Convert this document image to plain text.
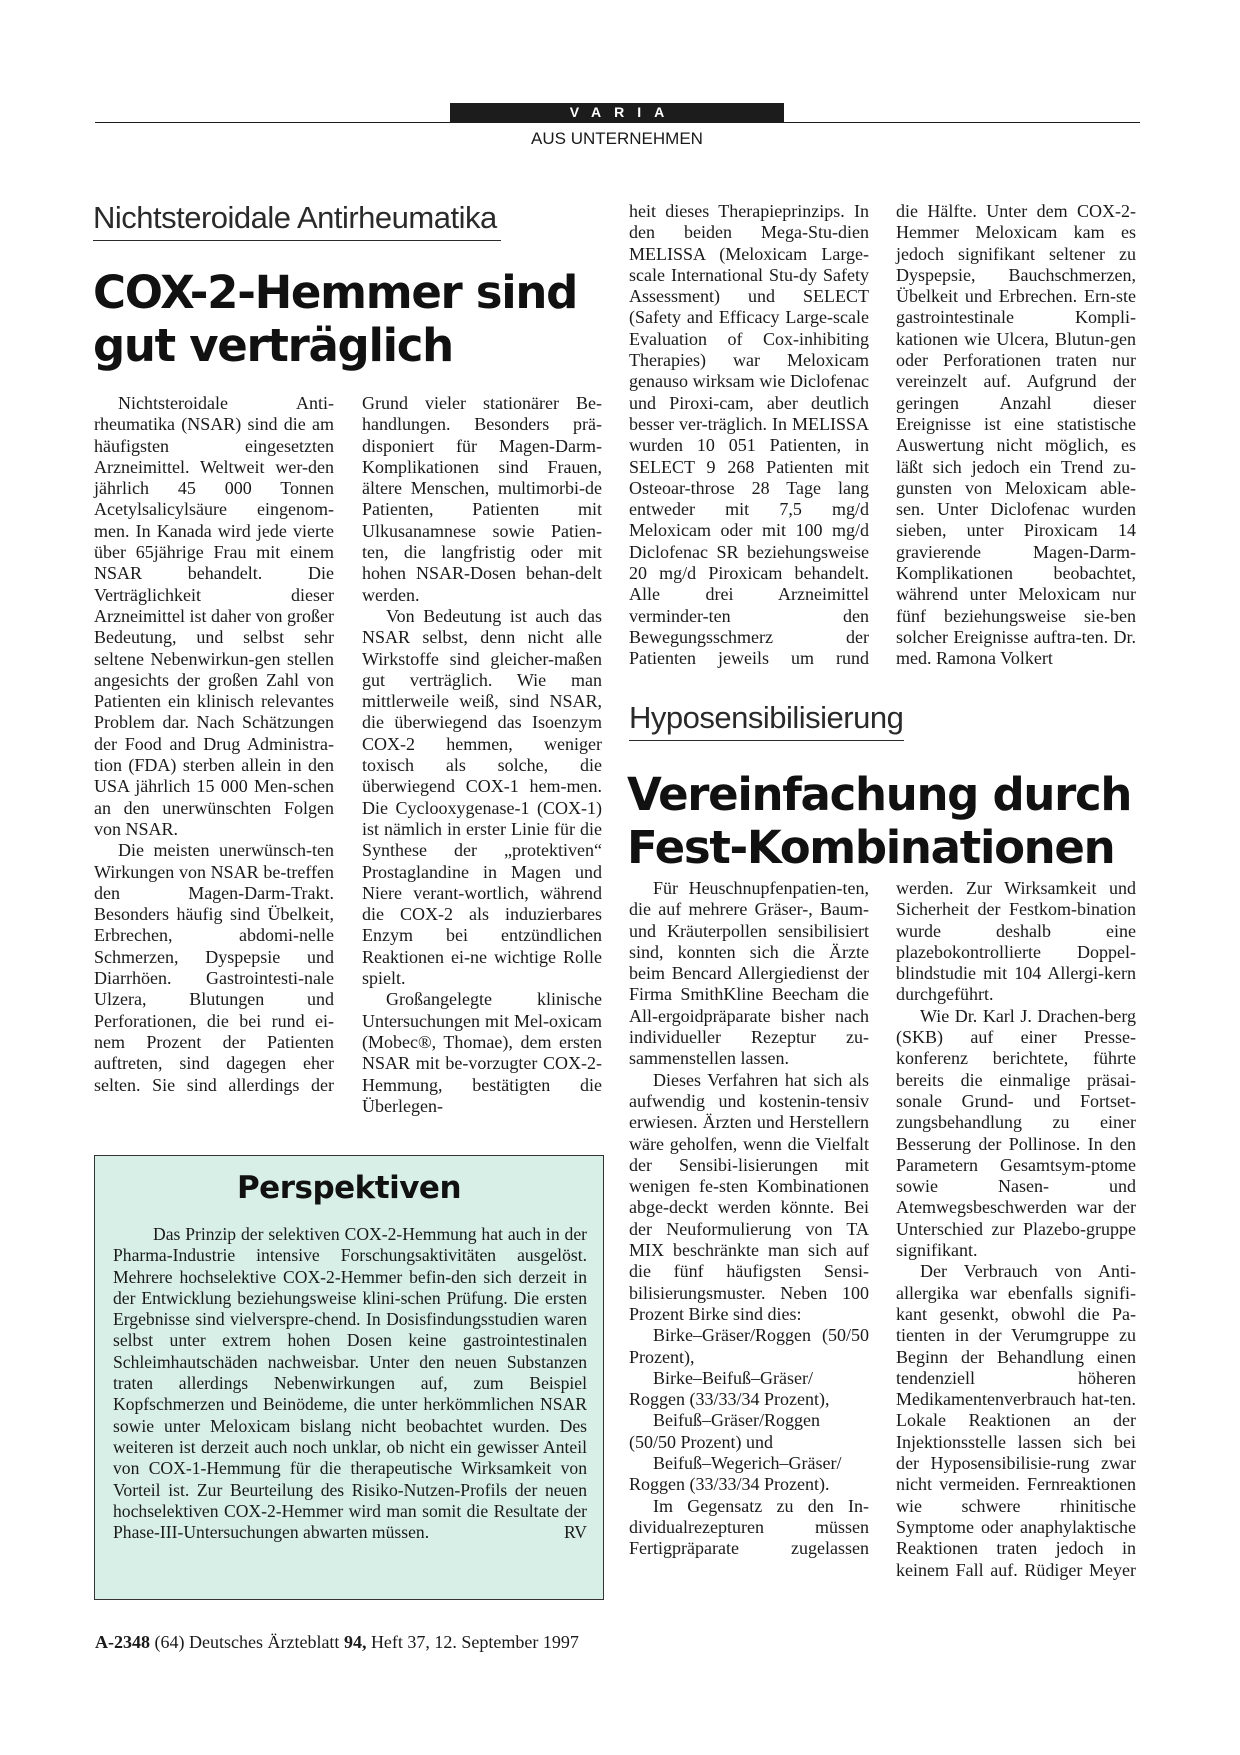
VARIA
AUS UNTERNEHMEN
Nichtsteroidale Antirheumatika
COX-2-Hemmer sind
gut verträglich

Nichtsteroidale Anti-rheumatika (NSAR) sind die am häufigsten eingesetzten Arzneimittel. Weltweit wer-den jährlich 45 000 Tonnen Acetylsalicylsäure eingenom-men. In Kanada wird jede vierte über 65jährige Frau mit einem NSAR behandelt. Die Verträglichkeit dieser Arzneimittel ist daher von großer Bedeutung, und selbst sehr seltene Nebenwirkun-gen stellen angesichts der großen Zahl von Patienten ein klinisch relevantes Problem dar. Nach Schätzungen der Food and Drug Administra-tion (FDA) sterben allein in den USA jährlich 15 000 Men-schen an den unerwünschten Folgen von NSAR.

Die meisten unerwünsch-ten Wirkungen von NSAR be-treffen den Magen-Darm-Trakt. Besonders häufig sind Übelkeit, Erbrechen, abdomi-nelle Schmerzen, Dyspepsie und Diarrhöen. Gastrointesti-nale Ulzera, Blutungen und Perforationen, die bei rund ei-nem Prozent der Patienten auftreten, sind dagegen eher selten. Sie sind allerdings der

Grund vieler stationärer Be-handlungen. Besonders prä-disponiert für Magen-Darm-Komplikationen sind Frauen, ältere Menschen, multimorbi-de Patienten, Patienten mit Ulkusanamnese sowie Patien-ten, die langfristig oder mit hohen NSAR-Dosen behan-delt werden.

Von Bedeutung ist auch das NSAR selbst, denn nicht alle Wirkstoffe sind gleicher-maßen gut verträglich. Wie man mittlerweile weiß, sind NSAR, die überwiegend das Isoenzym COX-2 hemmen, weniger toxisch als solche, die überwiegend COX-1 hem-men. Die Cyclooxygenase-1 (COX-1) ist nämlich in erster Linie für die Synthese der „protektiven“ Prostaglandine in Magen und Niere verant-wortlich, während die COX-2 als induzierbares Enzym bei entzündlichen Reaktionen ei-ne wichtige Rolle spielt.

Großangelegte klinische Untersuchungen mit Mel-oxicam (Mobec®, Thomae), dem ersten NSAR mit be-vorzugter COX-2-Hemmung, bestätigten die Überlegen-

heit dieses Therapieprinzips. In den beiden Mega-Stu-dien MELISSA (Meloxicam Large-scale International Stu-dy Safety Assessment) und SELECT (Safety and Efficacy Large-scale Evaluation of Cox-inhibiting Therapies) war Meloxicam genauso wirksam wie Diclofenac und Piroxi-cam, aber deutlich besser ver-träglich. In MELISSA wurden 10 051 Patienten, in SELECT 9 268 Patienten mit Osteoar-throse 28 Tage lang entweder mit 7,5 mg/d Meloxicam oder mit 100 mg/d Diclofenac SR beziehungsweise 20 mg/d Piroxicam behandelt. Alle drei Arzneimittel verminder-ten den Bewegungsschmerz der Patienten jeweils um rund

die Hälfte. Unter dem COX-2-Hemmer Meloxicam kam es jedoch signifikant seltener zu Dyspepsie, Bauchschmerzen, Übelkeit und Erbrechen. Ern-ste gastrointestinale Kompli-kationen wie Ulcera, Blutun-gen oder Perforationen traten nur vereinzelt auf. Aufgrund der geringen Anzahl dieser Ereignisse ist eine statistische Auswertung nicht möglich, es läßt sich jedoch ein Trend zu-gunsten von Meloxicam able-sen. Unter Diclofenac wurden sieben, unter Piroxicam 14 gravierende Magen-Darm-Komplikationen beobachtet, während unter Meloxicam nur fünf beziehungsweise sie-ben solcher Ereignisse auftra-ten. Dr. med. Ramona Volkert

Perspektiven

Das Prinzip der selektiven COX-2-Hemmung hat auch in der Pharma-Industrie intensive Forschungsaktivitäten ausgelöst. Mehrere hochselektive COX-2-Hemmer befin-den sich derzeit in der Entwicklung beziehungsweise klini-schen Prüfung. Die ersten Ergebnisse sind vielverspre-chend. In Dosisfindungsstudien waren selbst unter extrem hohen Dosen keine gastrointestinalen Schleimhautschäden nachweisbar. Unter den neuen Substanzen traten allerdings Nebenwirkungen auf, zum Beispiel Kopfschmerzen und Beinödeme, die unter herkömmlichen NSAR sowie unter Meloxicam bislang nicht beobachtet wurden. Des weiteren ist derzeit auch noch unklar, ob nicht ein gewisser Anteil von COX-1-Hemmung für die therapeutische Wirksamkeit von Vorteil ist. Zur Beurteilung des Risiko-Nutzen-Profils der neuen hochselektiven COX-2-Hemmer wird man somit die Resultate der Phase-III-Untersuchungen abwarten müssen.	RV
Hyposensibilisierung
Vereinfachung durch
Fest-Kombinationen

Für Heuschnupfenpatien-ten, die auf mehrere Gräser-, Baum- und Kräuterpollen sensibilisiert sind, konnten sich die Ärzte beim Bencard Allergiedienst der Firma SmithKline Beecham die All-ergoidpräparate bisher nach individueller Rezeptur zu-sammenstellen lassen.

Dieses Verfahren hat sich als aufwendig und kostenin-tensiv erwiesen. Ärzten und Herstellern wäre geholfen, wenn die Vielfalt der Sensibi-lisierungen mit wenigen fe-sten Kombinationen abge-deckt werden könnte. Bei der Neuformulierung von TA MIX beschränkte man sich auf die fünf häufigsten Sensi-bilisierungsmuster. Neben 100 Prozent Birke sind dies:

Birke–Gräser/Roggen (50/50 Prozent),

Birke–Beifuß–Gräser/ Roggen (33/33/34 Prozent),

Beifuß–Gräser/Roggen (50/50 Prozent) und

Beifuß–Wegerich–Gräser/ Roggen (33/33/34 Prozent).

Im Gegensatz zu den In-dividualrezepturen müssen Fertigpräparate zugelassen

werden. Zur Wirksamkeit und Sicherheit der Festkom-bination wurde deshalb eine plazebokontrollierte Doppel-blindstudie mit 104 Allergi-kern durchgeführt.

Wie Dr. Karl J. Drachen-berg (SKB) auf einer Presse-konferenz berichtete, führte bereits die einmalige präsai-sonale Grund- und Fortset-zungsbehandlung zu einer Besserung der Pollinose. In den Parametern Gesamtsym-ptome sowie Nasen- und Atemwegsbeschwerden war der Unterschied zur Plazebo-gruppe signifikant.

Der Verbrauch von Anti-allergika war ebenfalls signifi-kant gesenkt, obwohl die Pa-tienten in der Verumgruppe zu Beginn der Behandlung einen tendenziell höheren Medikamentenverbrauch hat-ten. Lokale Reaktionen an der Injektionsstelle lassen sich bei der Hyposensibilisie-rung zwar nicht vermeiden. Fernreaktionen wie schwere rhinitische Symptome oder anaphylaktische Reaktionen traten jedoch in keinem Fall auf. Rüdiger Meyer

A-2348 (64) Deutsches Ärzteblatt 94, Heft 37, 12. September 1997
